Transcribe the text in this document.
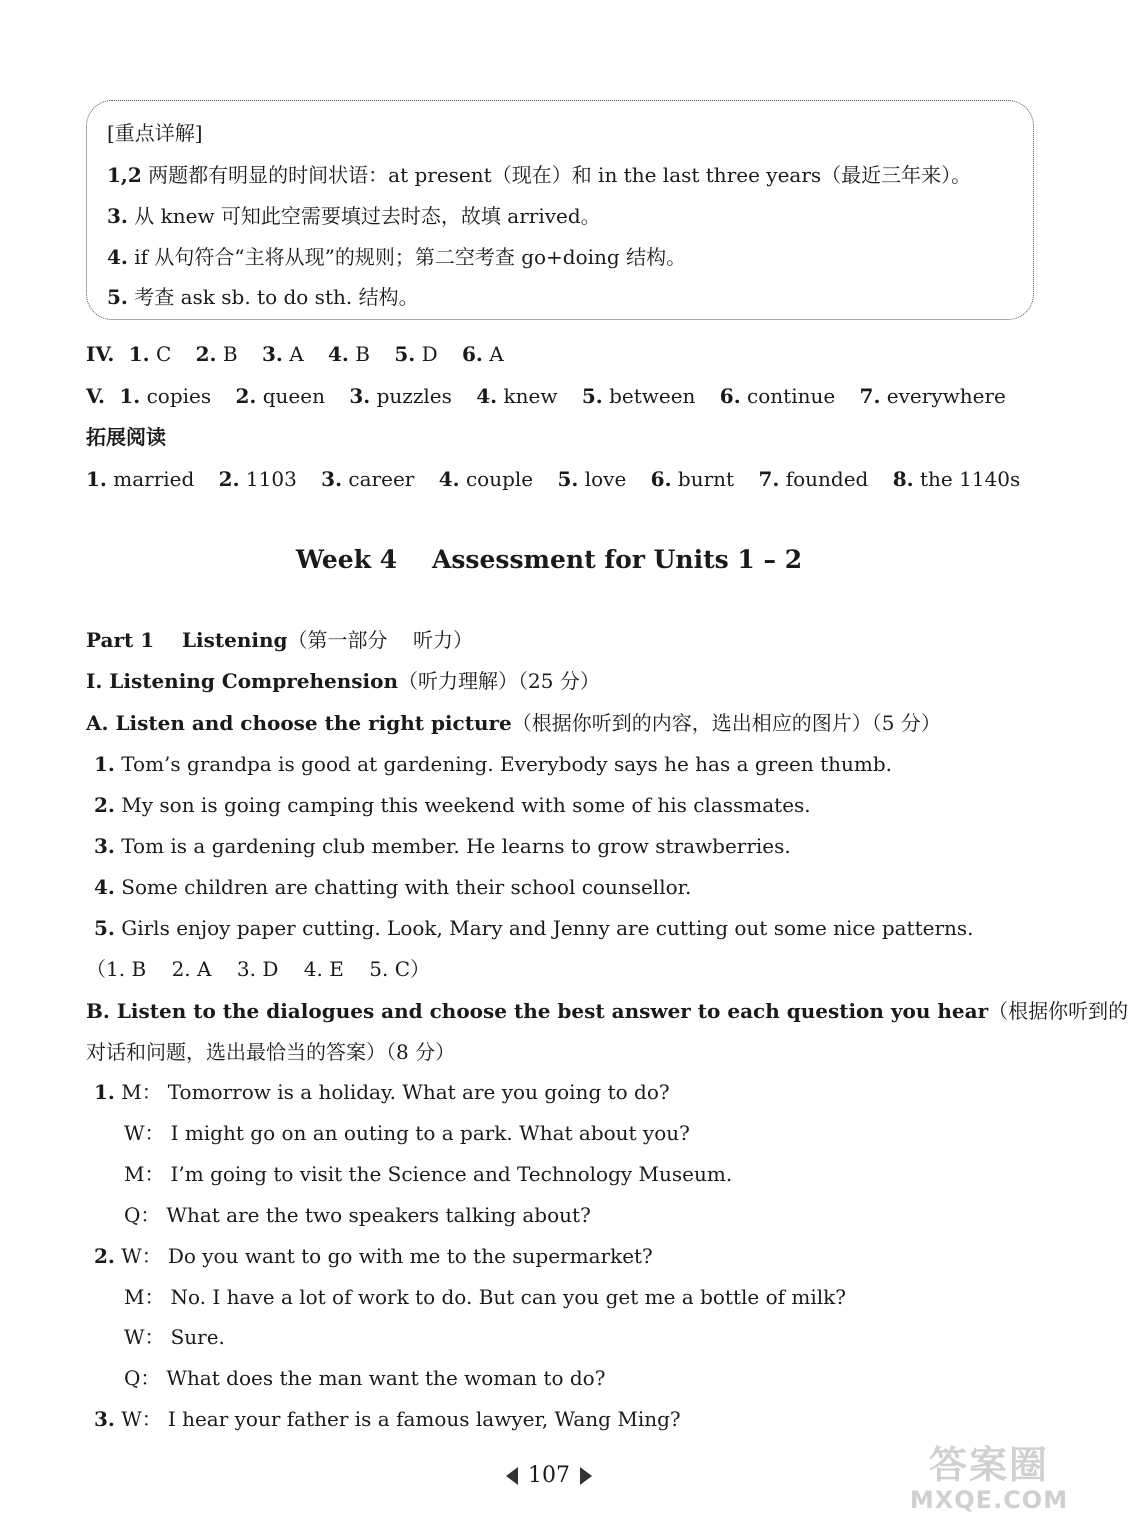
[重点详解]
1,2 两题都有明显的时间状语：at present（现在）和 in the last three years（最近三年来）。
3. 从 knew 可知此空需要填过去时态，故填 arrived。
4. if 从句符合“主将从现”的规则；第二空考查 go+doing 结构。
5. 考查 ask sb. to do sth. 结构。
IV. 1. C 2. B 3. A 4. B 5. D 6. A
V. 1. copies 2. queen 3. puzzles 4. knew 5. between 6. continue 7. everywhere
拓展阅读
1. married 2. 1103 3. career 4. couple 5. love 6. burnt 7. founded 8. the 1140s
Week 4    Assessment for Units 1 – 2
Part 1    Listening（第一部分    听力）
I. Listening Comprehension（听力理解）（25 分）
A. Listen and choose the right picture（根据你听到的内容，选出相应的图片）（5 分）
1. Tom’s grandpa is good at gardening. Everybody says he has a green thumb.
2. My son is going camping this weekend with some of his classmates.
3. Tom is a gardening club member. He learns to grow strawberries.
4. Some children are chatting with their school counsellor.
5. Girls enjoy paper cutting. Look, Mary and Jenny are cutting out some nice patterns.
（1. B    2. A    3. D    4. E    5. C）
B. Listen to the dialogues and choose the best answer to each question you hear（根据你听到的
对话和问题，选出最恰当的答案）（8 分）
1. M： Tomorrow is a holiday. What are you going to do?
W： I might go on an outing to a park. What about you?
M： I’m going to visit the Science and Technology Museum.
Q： What are the two speakers talking about?
2. W： Do you want to go with me to the supermarket?
M： No. I have a lot of work to do. But can you get me a bottle of milk?
W： Sure.
Q： What does the man want the woman to do?
3. W： I hear your father is a famous lawyer, Wang Ming?
107	答案圈
MXQE.COM
